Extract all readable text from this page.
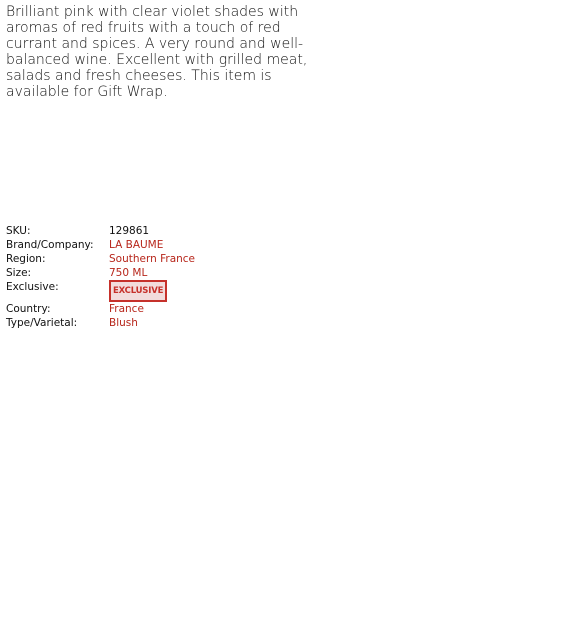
Brilliant pink with clear violet shades with aromas of red fruits with a touch of red currant and spices. A very round and well-balanced wine. Excellent with grilled meat, salads and fresh cheeses. This item is available for Gift Wrap.

SKU:	129861
Brand/Company:	LA BAUME
Region:	Southern France
Size:	750 ML
Exclusive:	EXCLUSIVE
Country:	France
Type/Varietal:	Blush
